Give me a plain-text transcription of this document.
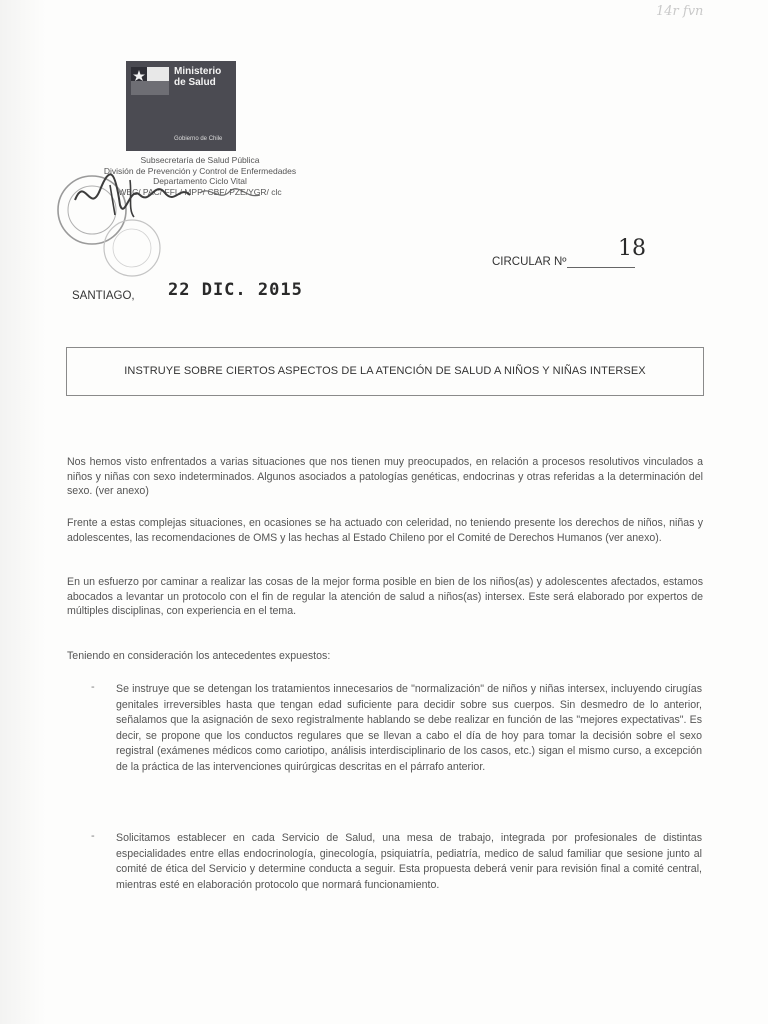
14r fvn
Ministerio
de Salud
Gobierno de Chile
Subsecretaría de Salud Pública
División de Prevención y Control de Enfermedades
Departamento Ciclo Vital
WBC/ PAC/ FFL/ MPP/ CBF/ PZE/YGR/ clc
CIRCULAR Nº
18
SANTIAGO, 22 DIC. 2015
INSTRUYE SOBRE CIERTOS ASPECTOS DE LA ATENCIÓN DE SALUD A NIÑOS Y NIÑAS INTERSEX
Nos hemos visto enfrentados a varias situaciones que nos tienen muy preocupados, en relación a procesos resolutivos vinculados a niños y niñas con sexo indeterminados. Algunos asociados a patologías genéticas, endocrinas y otras referidas a la determinación del sexo. (ver anexo)
Frente a estas complejas situaciones, en ocasiones se ha actuado con celeridad, no teniendo presente los derechos de niños, niñas y adolescentes, las recomendaciones de OMS y las hechas al Estado Chileno por el Comité de Derechos Humanos (ver anexo).
En un esfuerzo por caminar a realizar las cosas de la mejor forma posible en bien de los niños(as) y adolescentes afectados, estamos abocados a levantar un protocolo con el fin de regular la atención de salud a niños(as) intersex. Este será elaborado por expertos de múltiples disciplinas, con experiencia en el tema.
Teniendo en consideración los antecedentes expuestos:
- Se instruye que se detengan los tratamientos innecesarios de "normalización" de niños y niñas intersex, incluyendo cirugías genitales irreversibles hasta que tengan edad suficiente para decidir sobre sus cuerpos. Sin desmedro de lo anterior, señalamos que la asignación de sexo registralmente hablando se debe realizar en función de las "mejores expectativas". Es decir, se propone que los conductos regulares que se llevan a cabo el día de hoy para tomar la decisión sobre el sexo registral (exámenes médicos como cariotipo, análisis interdisciplinario de los casos, etc.) sigan el mismo curso, a excepción de la práctica de las intervenciones quirúrgicas descritas en el párrafo anterior.
- Solicitamos establecer en cada Servicio de Salud, una mesa de trabajo, integrada por profesionales de distintas especialidades entre ellas endocrinología, ginecología, psiquiatría, pediatría, medico de salud familiar que sesione junto al comité de ética del Servicio y determine conducta a seguir. Esta propuesta deberá venir para revisión final a comité central, mientras esté en elaboración protocolo que normará funcionamiento.
